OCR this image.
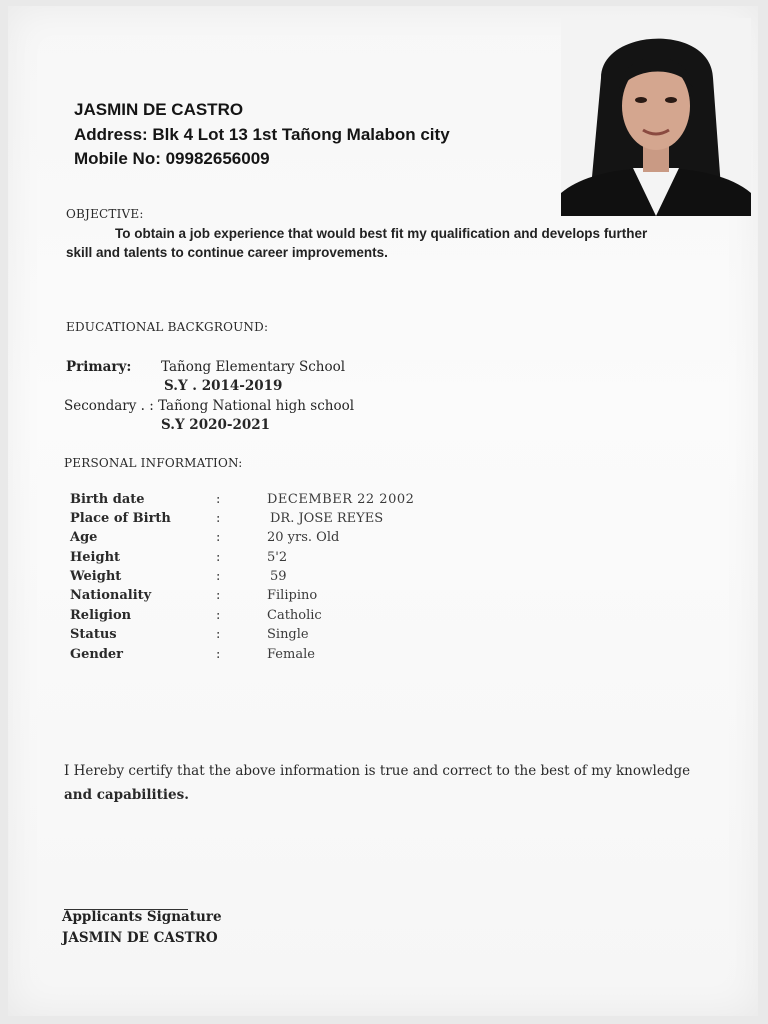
JASMIN DE CASTRO
Address: Blk 4 Lot 13 1st Tañong Malabon city
Mobile No: 09982656009
OBJECTIVE:
To obtain a job experience that would best fit my qualification and develops further
skill and talents to continue career improvements.
EDUCATIONAL BACKGROUND:
Primary: Tañong Elementary School
S.Y . 2014-2019
Secondary . : Tañong National high school
S.Y 2020-2021
PERSONAL INFORMATION:
Birth date	:	DECEMBER 22 2002
Place of Birth	:	DR. JOSE REYES
Age	:	20 yrs. Old
Height	:	5'2
Weight	:	59
Nationality	:	Filipino
Religion	:	Catholic
Status	:	Single
Gender	:	Female
I Hereby certify that the above information is true and correct to the best of my knowledge
and capabilities.
Applicants Signature
JASMIN DE CASTRO
